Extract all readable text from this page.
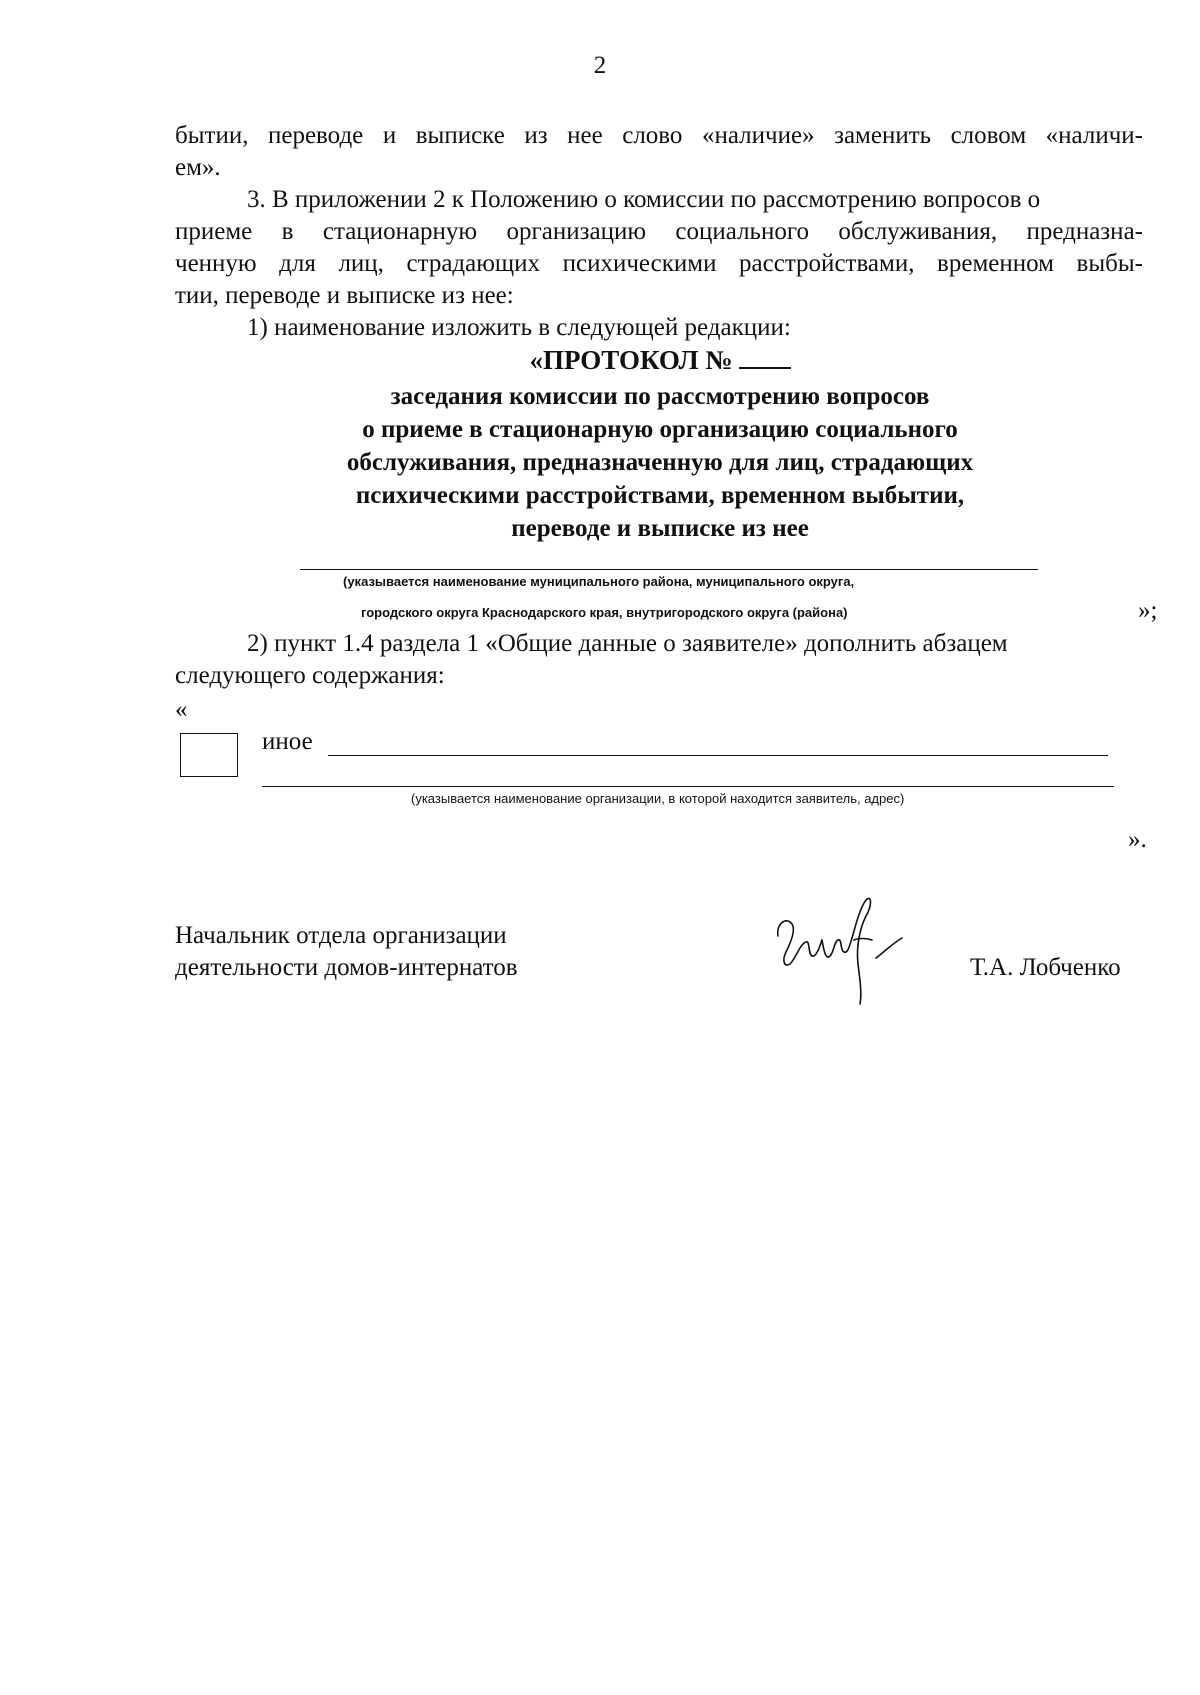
2
бытии, переводе и выписке из нее слово «наличие» заменить словом «наличи-
ем».
3. В приложении 2 к Положению о комиссии по рассмотрению вопросов о
приеме в стационарную организацию социального обслуживания, предназна-
ченную для лиц, страдающих психическими расстройствами, временном выбы-
тии, переводе и выписке из нее:
1) наименование изложить в следующей редакции:
«ПРОТОКОЛ №
заседания комиссии по рассмотрению вопросов
о приеме в стационарную организацию социального
обслуживания, предназначенную для лиц, страдающих
психическими расстройствами, временном выбытии,
переводе и выписке из нее
(указывается наименование муниципального района, муниципального округа,
городского округа Краснодарского края, внутригородского округа (района)	»;
2) пункт 1.4 раздела 1 «Общие данные о заявителе» дополнить абзацем
следующего содержания:
«
иное
(указывается наименование организации, в которой находится заявитель, адрес)
».
Начальник отдела организации
деятельности домов-интернатов	Т.А. Лобченко
